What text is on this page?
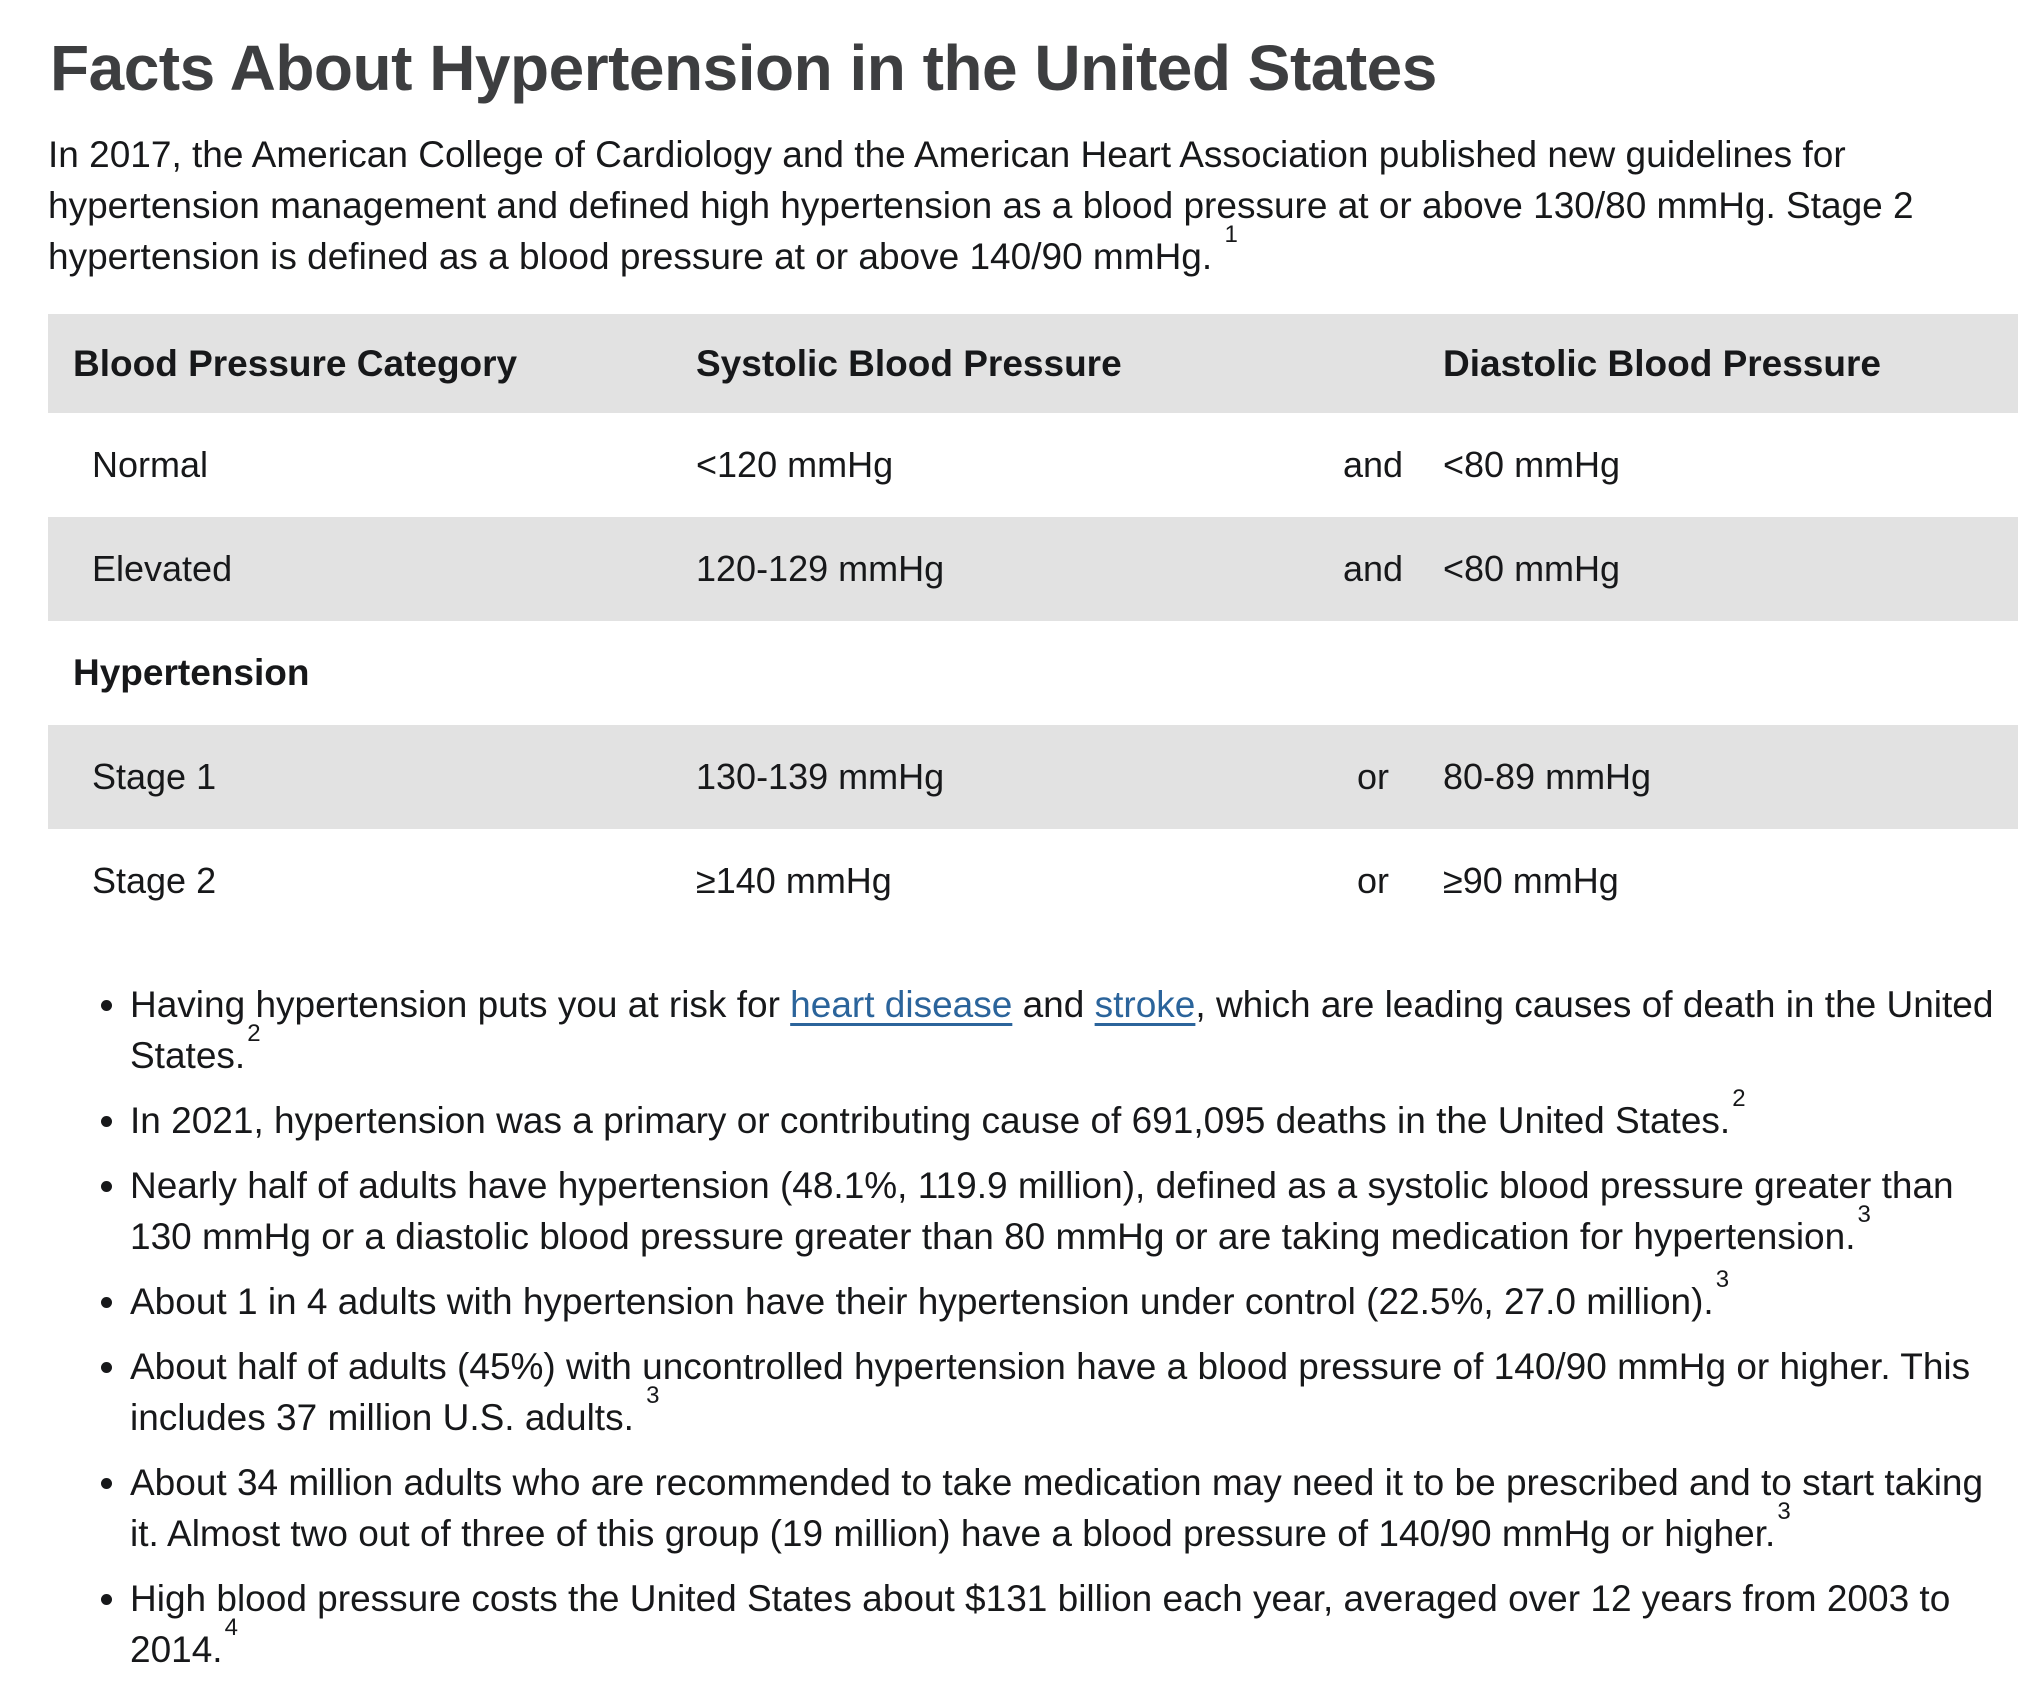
Facts About Hypertension in the United States

In 2017, the American College of Cardiology and the American Heart Association published new guidelines for hypertension management and defined high hypertension as a blood pressure at or above 130/80 mmHg. Stage 2 hypertension is defined as a blood pressure at or above 140/90 mmHg. $^1$

Blood Pressure Category	Systolic Blood Pressure	Diastolic Blood Pressure
Normal	<120 mmHg	and	<80 mmHg
Elevated	120-129 mmHg	and	<80 mmHg
Hypertension
Stage 1	130-139 mmHg	or	80-89 mmHg
Stage 2	≥140 mmHg	or	≥90 mmHg
• Having hypertension puts you at risk for heart disease and stroke, which are leading causes of death in the United States.$^2$
• In 2021, hypertension was a primary or contributing cause of 691,095 deaths in the United States.$^2$
• Nearly half of adults have hypertension (48.1%, 119.9 million), defined as a systolic blood pressure greater than 130 mmHg or a diastolic blood pressure greater than 80 mmHg or are taking medication for hypertension.$^3$
• About 1 in 4 adults with hypertension have their hypertension under control (22.5%, 27.0 million).$^3$
• About half of adults (45%) with uncontrolled hypertension have a blood pressure of 140/90 mmHg or higher. This includes 37 million U.S. adults. $^3$
• About 34 million adults who are recommended to take medication may need it to be prescribed and to start taking it. Almost two out of three of this group (19 million) have a blood pressure of 140/90 mmHg or higher.$^3$
• High blood pressure costs the United States about $131 billion each year, averaged over 12 years from 2003 to 2014.$^4$
